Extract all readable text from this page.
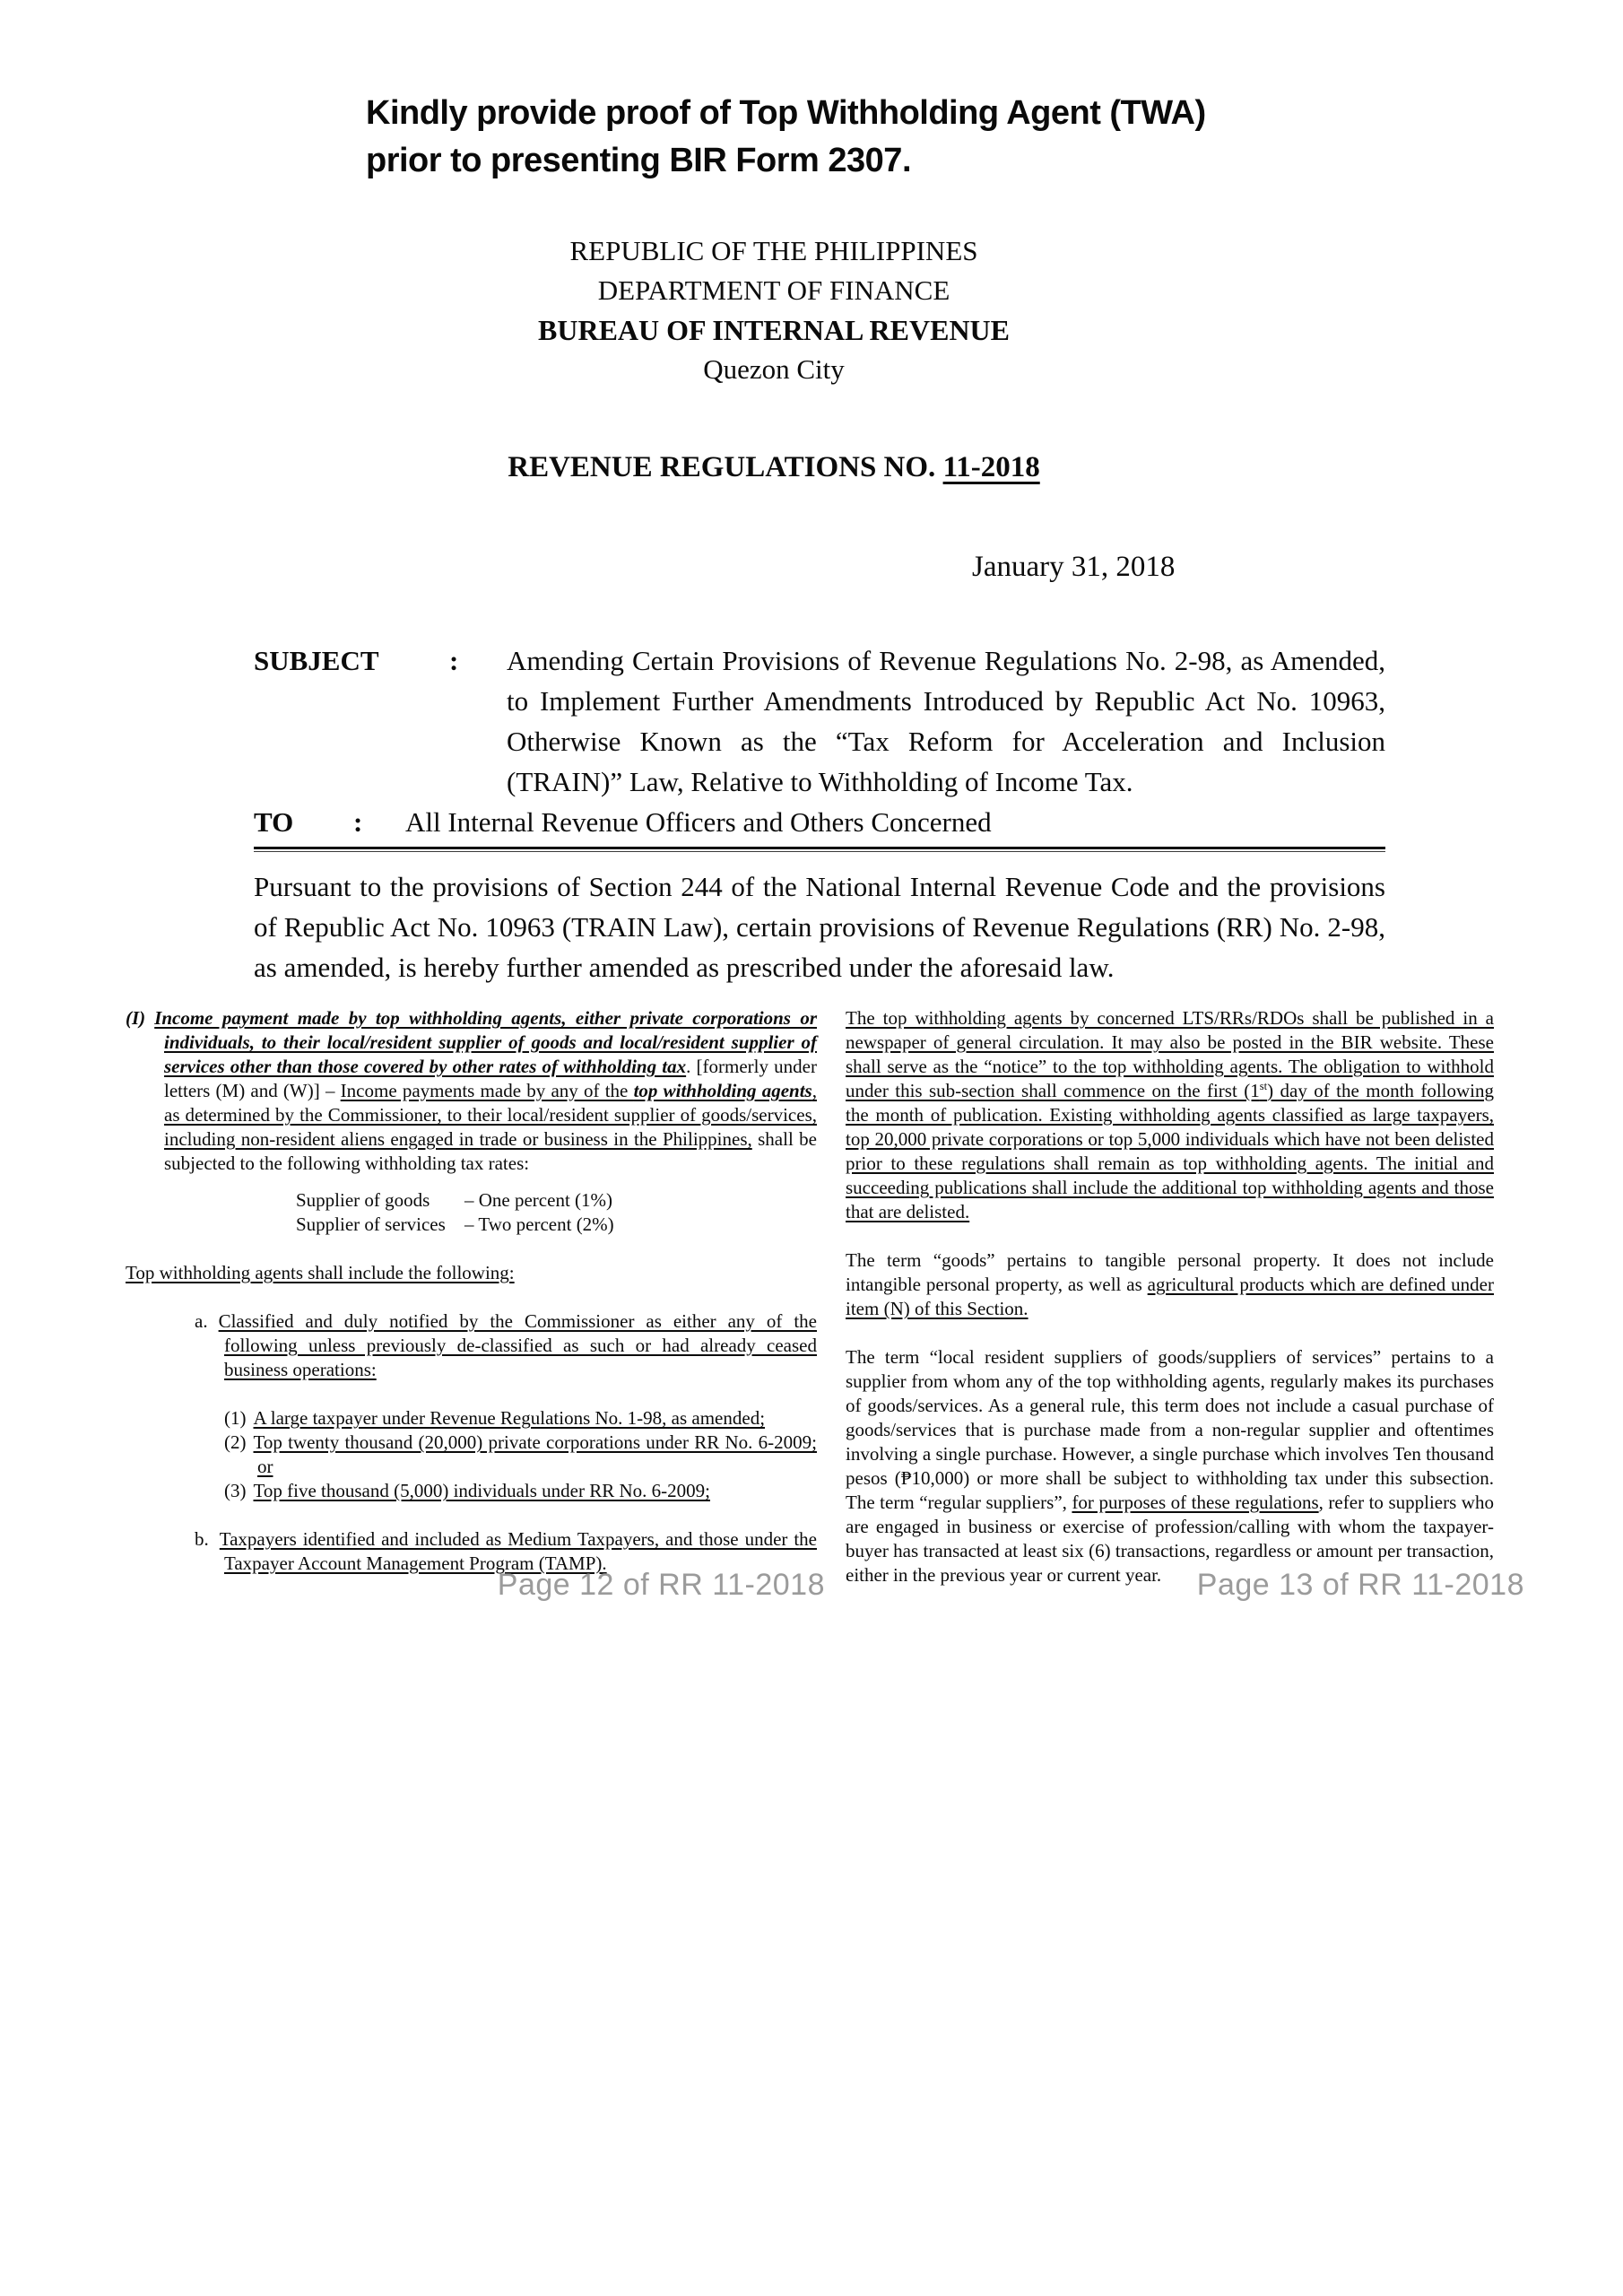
Kindly provide proof of Top Withholding Agent (TWA)
prior to presenting BIR Form 2307.
REPUBLIC OF THE PHILIPPINES
DEPARTMENT OF FINANCE
BUREAU OF INTERNAL REVENUE
Quezon City
REVENUE REGULATIONS NO. 11-2018
January 31, 2018
SUBJECT	:	Amending Certain Provisions of Revenue Regulations No. 2-98, as Amended, to Implement Further Amendments Introduced by Republic Act No. 10963, Otherwise Known as the “Tax Reform for Acceleration and Inclusion (TRAIN)” Law, Relative to Withholding of Income Tax.
TO	:	All Internal Revenue Officers and Others Concerned
Pursuant to the provisions of Section 244 of the National Internal Revenue Code and the provisions of Republic Act No. 10963 (TRAIN Law), certain provisions of Revenue Regulations (RR) No. 2-98, as amended, is hereby further amended as prescribed under the aforesaid law.
(I) Income payment made by top withholding agents, either private corporations or individuals, to their local/resident supplier of goods and local/resident supplier of services other than those covered by other rates of withholding tax. [formerly under letters (M) and (W)] – Income payments made by any of the top withholding agents, as determined by the Commissioner, to their local/resident supplier of goods/services, including non-resident aliens engaged in trade or business in the Philippines, shall be subjected to the following withholding tax rates:
Supplier of goods – One percent (1%)
Supplier of services – Two percent (2%)
Top withholding agents shall include the following:
a. Classified and duly notified by the Commissioner as either any of the following unless previously de-classified as such or had already ceased business operations:
(1) A large taxpayer under Revenue Regulations No. 1-98, as amended;
(2) Top twenty thousand (20,000) private corporations under RR No. 6-2009; or
(3) Top five thousand (5,000) individuals under RR No. 6-2009;
b. Taxpayers identified and included as Medium Taxpayers, and those under the Taxpayer Account Management Program (TAMP).
The top withholding agents by concerned LTS/RRs/RDOs shall be published in a newspaper of general circulation. It may also be posted in the BIR website. These shall serve as the “notice” to the top withholding agents. The obligation to withhold under this sub-section shall commence on the first (1st) day of the month following the month of publication. Existing withholding agents classified as large taxpayers, top 20,000 private corporations or top 5,000 individuals which have not been delisted prior to these regulations shall remain as top withholding agents. The initial and succeeding publications shall include the additional top withholding agents and those that are delisted.
The term “goods” pertains to tangible personal property. It does not include intangible personal property, as well as agricultural products which are defined under item (N) of this Section.
The term “local resident suppliers of goods/suppliers of services” pertains to a supplier from whom any of the top withholding agents, regularly makes its purchases of goods/services. As a general rule, this term does not include a casual purchase of goods/services that is purchase made from a non-regular supplier and oftentimes involving a single purchase. However, a single purchase which involves Ten thousand pesos (₱10,000) or more shall be subject to withholding tax under this subsection. The term “regular suppliers”, for purposes of these regulations, refer to suppliers who are engaged in business or exercise of profession/calling with whom the taxpayer-buyer has transacted at least six (6) transactions, regardless or amount per transaction, either in the previous year or current year.
Page 12 of RR 11-2018	Page 13 of RR 11-2018
